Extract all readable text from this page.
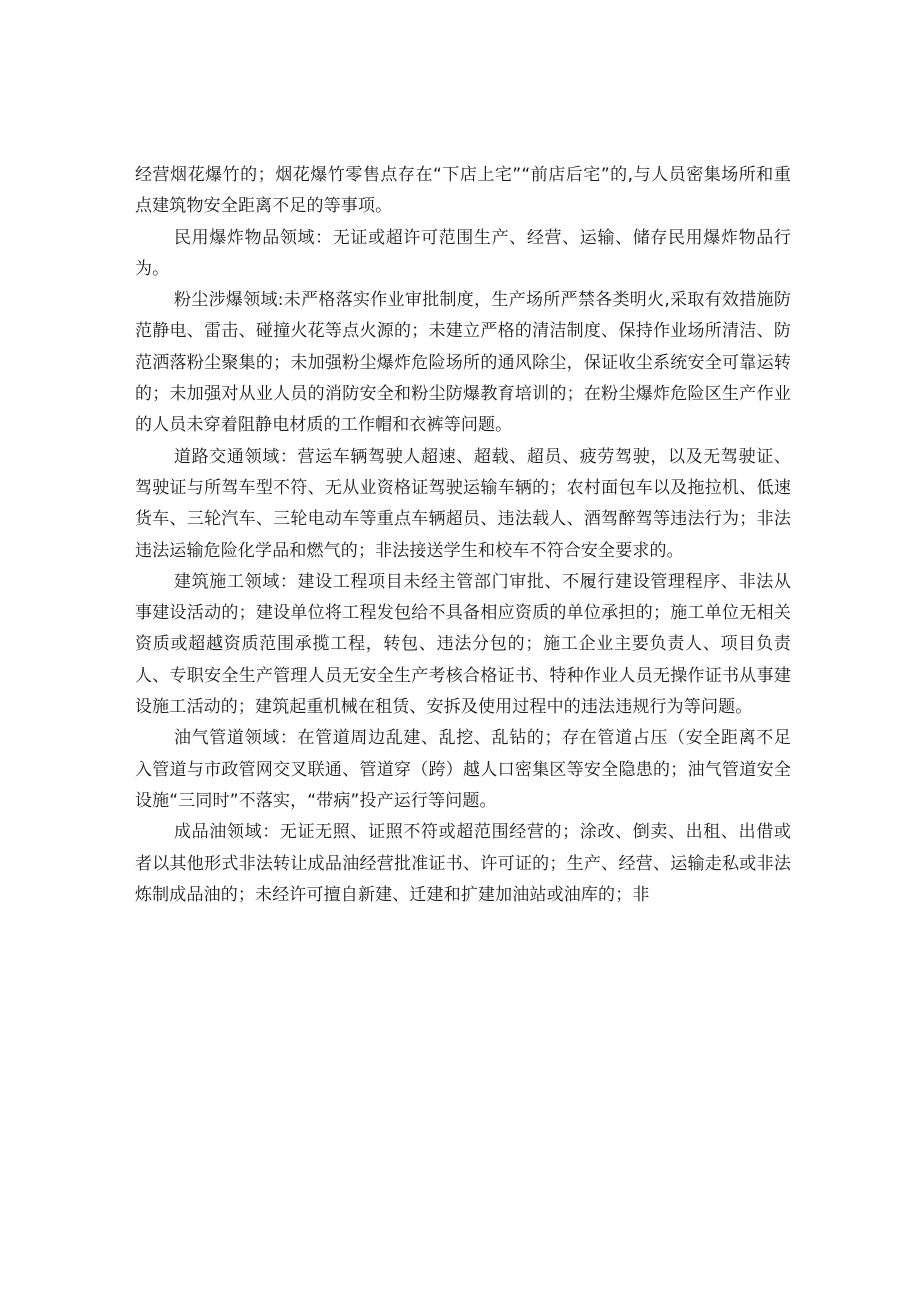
经营烟花爆竹的；烟花爆竹零售点存在“下店上宅”“前店后宅”的,与人员密集场所和重点建筑物安全距离不足的等事项。

民用爆炸物品领域：无证或超许可范围生产、经营、运输、储存民用爆炸物品行为。

粉尘涉爆领域:未严格落实作业审批制度，生产场所严禁各类明火,采取有效措施防范静电、雷击、碰撞火花等点火源的；未建立严格的清洁制度、保持作业场所清洁、防范洒落粉尘聚集的；未加强粉尘爆炸危险场所的通风除尘，保证收尘系统安全可靠运转的；未加强对从业人员的消防安全和粉尘防爆教育培训的；在粉尘爆炸危险区生产作业的人员未穿着阻静电材质的工作帽和衣裤等问题。

道路交通领域：营运车辆驾驶人超速、超载、超员、疲劳驾驶，以及无驾驶证、驾驶证与所驾车型不符、无从业资格证驾驶运输车辆的；农村面包车以及拖拉机、低速货车、三轮汽车、三轮电动车等重点车辆超员、违法载人、酒驾醉驾等违法行为；非法违法运输危险化学品和燃气的；非法接送学生和校车不符合安全要求的。

建筑施工领域：建设工程项目未经主管部门审批、不履行建设管理程序、非法从事建设活动的；建设单位将工程发包给不具备相应资质的单位承担的；施工单位无相关资质或超越资质范围承揽工程，转包、违法分包的；施工企业主要负责人、项目负责人、专职安全生产管理人员无安全生产考核合格证书、特种作业人员无操作证书从事建设施工活动的；建筑起重机械在租赁、安拆及使用过程中的违法违规行为等问题。

油气管道领域：在管道周边乱建、乱挖、乱钻的；存在管道占压（安全距离不足入管道与市政管网交叉联通、管道穿（跨）越人口密集区等安全隐患的；油气管道安全设施“三同时”不落实，“带病”投产运行等问题。

成品油领域：无证无照、证照不符或超范围经营的；涂改、倒卖、出租、出借或者以其他形式非法转让成品油经营批准证书、许可证的；生产、经营、运输走私或非法炼制成品油的；未经许可擅自新建、迁建和扩建加油站或油库的；非
